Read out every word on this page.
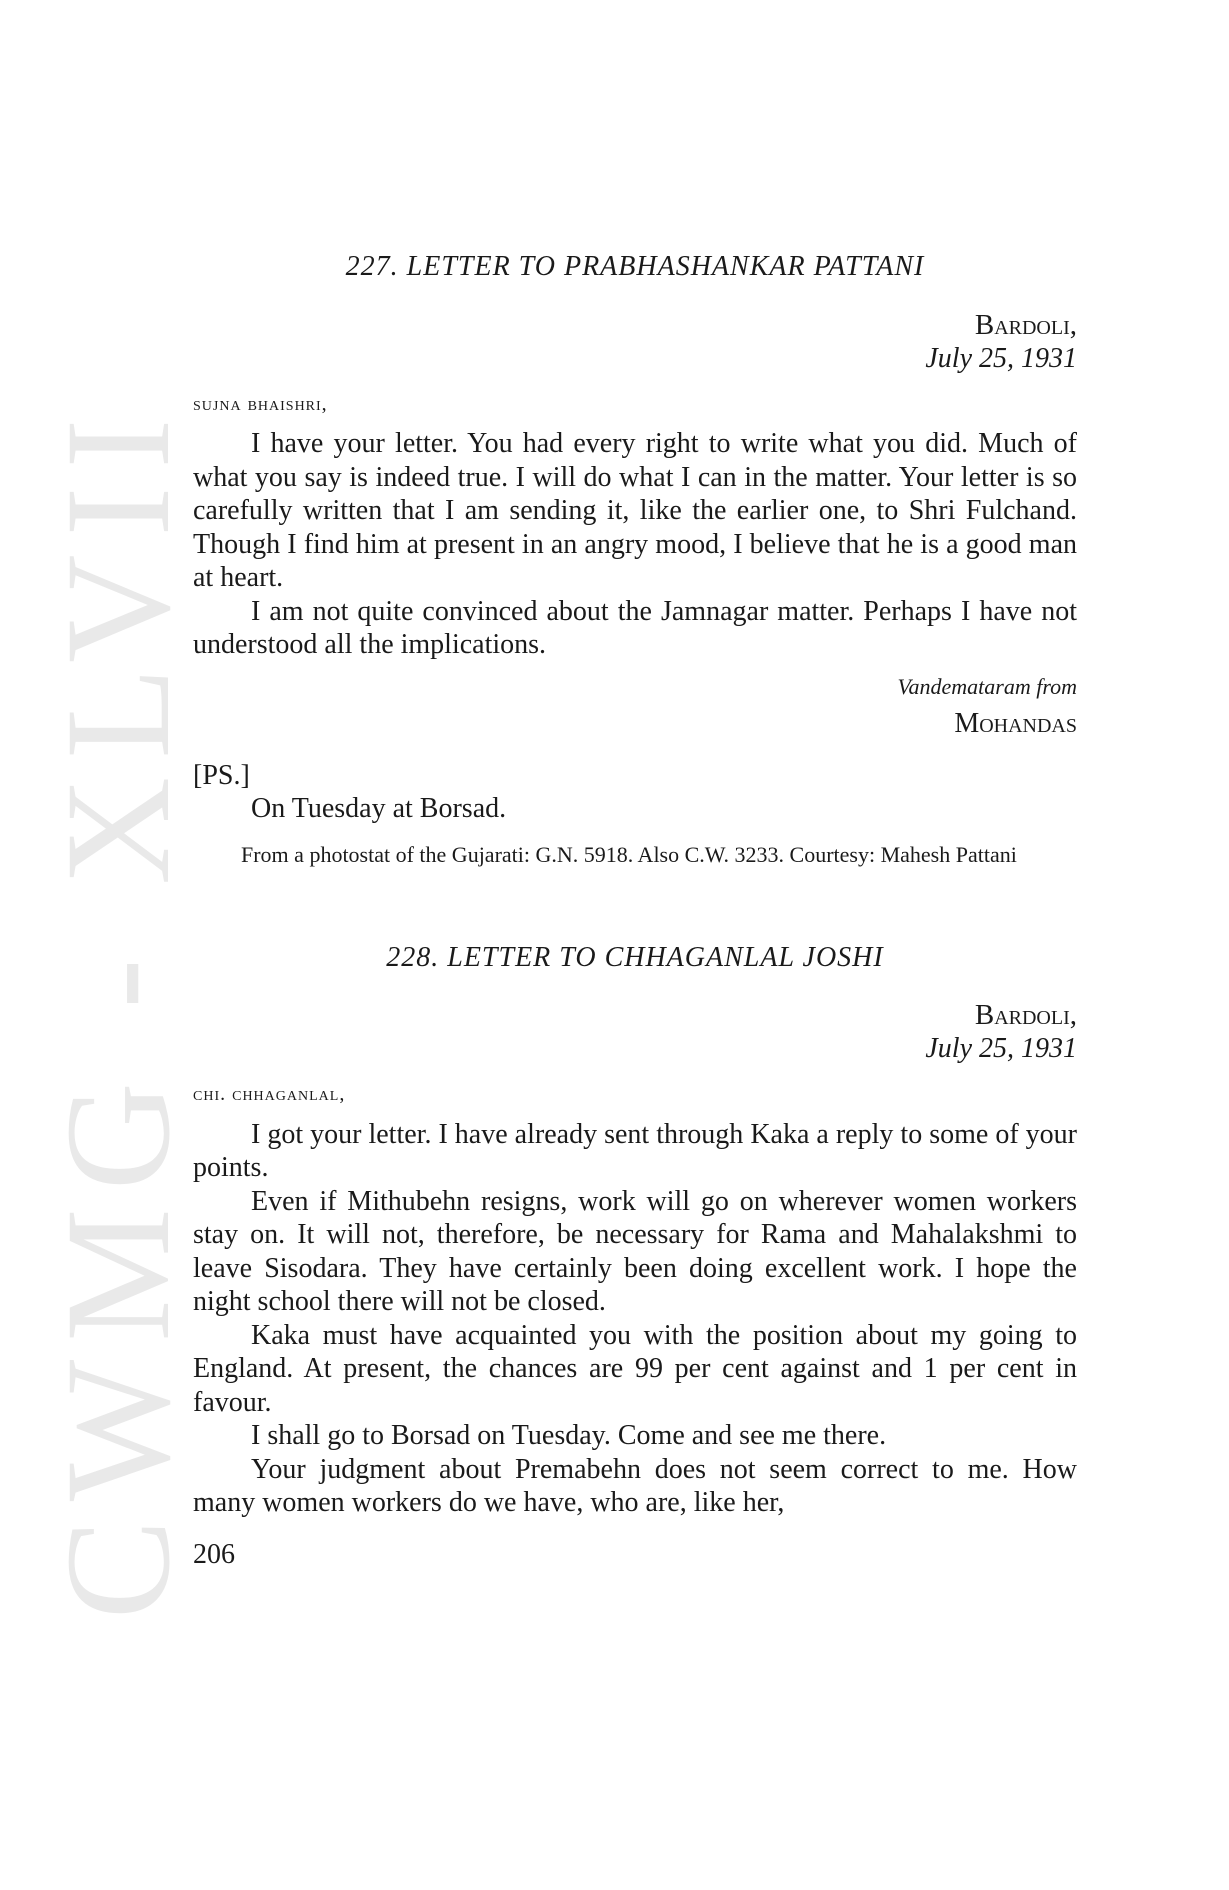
CWMG - XLVII
227. LETTER TO PRABHASHANKAR PATTANI
Bardoli,
July 25, 1931
sujna bhaishri,

I have your letter. You had every right to write what you did. Much of what you say is indeed true. I will do what I can in the matter. Your letter is so carefully written that I am sending it, like the earlier one, to Shri Fulchand. Though I find him at present in an angry mood, I believe that he is a good man at heart.

I am not quite convinced about the Jamnagar matter. Perhaps I have not understood all the implications.

Vandemataram from
Mohandas
[PS.]
On Tuesday at Borsad.

From a photostat of the Gujarati: G.N. 5918. Also C.W. 3233. Courtesy: Mahesh Pattani

228. LETTER TO CHHAGANLAL JOSHI
Bardoli,
July 25, 1931
chi. chhaganlal,

I got your letter. I have already sent through Kaka a reply to some of your points.

Even if Mithubehn resigns, work will go on wherever women workers stay on. It will not, therefore, be necessary for Rama and Mahalakshmi to leave Sisodara. They have certainly been doing excellent work. I hope the night school there will not be closed.

Kaka must have acquainted you with the position about my going to England. At present, the chances are 99 per cent against and 1 per cent in favour.

I shall go to Borsad on Tuesday. Come and see me there.

Your judgment about Premabehn does not seem correct to me. How many women workers do we have, who are, like her,

206
